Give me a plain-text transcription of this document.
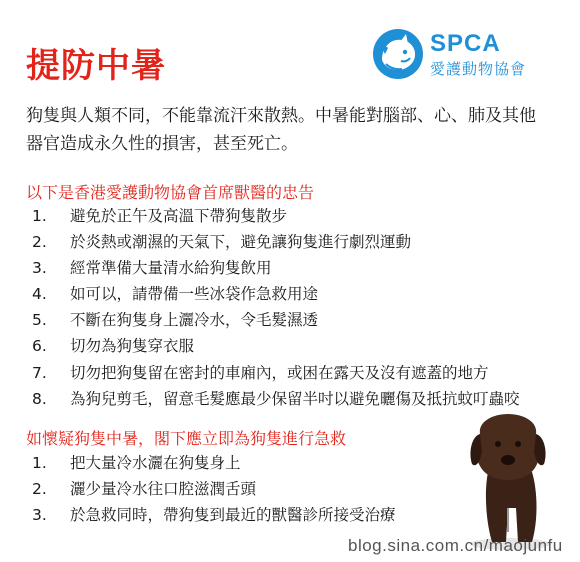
提防中暑
SPCA
愛護動物協會
狗隻與人類不同，不能靠流汗來散熱。中暑能對腦部、心、肺及其他器官造成永久性的損害，甚至死亡。
以下是香港愛護動物協會首席獸醫的忠告
1.	避免於正午及高溫下帶狗隻散步
2.	於炎熱或潮濕的天氣下，避免讓狗隻進行劇烈運動
3.	經常準備大量清水給狗隻飲用
4.	如可以，請帶備一些冰袋作急救用途
5.	不斷在狗隻身上灑冷水，令毛髮濕透
6.	切勿為狗隻穿衣服
7.	切勿把狗隻留在密封的車廂內，或困在露天及沒有遮蓋的地方
8.	為狗兒剪毛，留意毛髮應最少保留半吋以避免曬傷及抵抗蚊叮蟲咬
如懷疑狗隻中暑，閣下應立即為狗隻進行急救
1.	把大量冷水灑在狗隻身上
2.	灑少量冷水往口腔滋潤舌頭
3.	於急救同時，帶狗隻到最近的獸醫診所接受治療
blog.sina.com.cn/maojunfu
